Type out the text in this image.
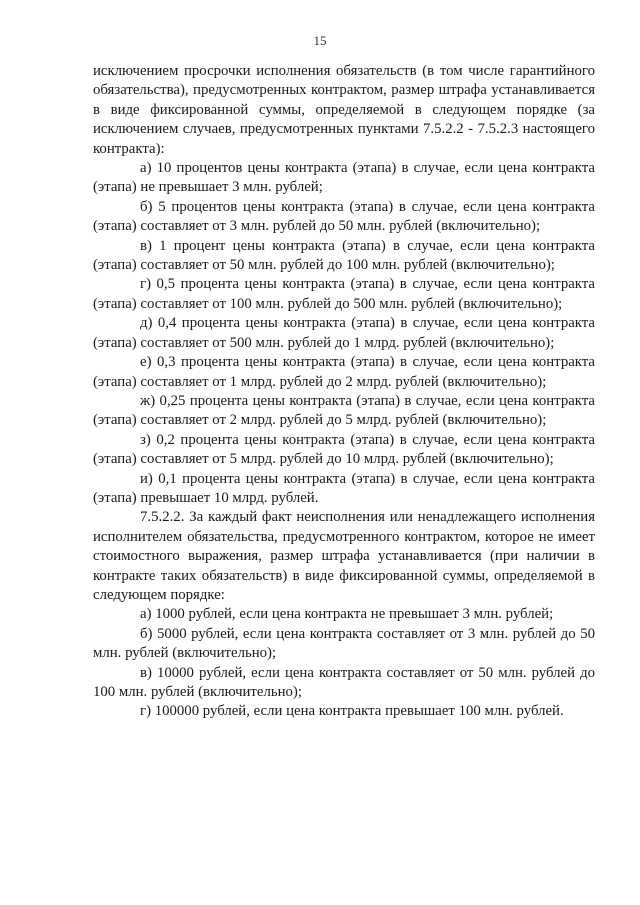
15

исключением просрочки исполнения обязательств (в том числе гарантийного обязательства), предусмотренных контрактом, размер штрафа устанавливается в виде фиксированной суммы, определяемой в следующем порядке (за исключением случаев, предусмотренных пунктами 7.5.2.2 - 7.5.2.3 настоящего контракта):

а) 10 процентов цены контракта (этапа) в случае, если цена контракта (этапа) не превышает 3 млн. рублей;

б) 5 процентов цены контракта (этапа) в случае, если цена контракта (этапа) составляет от 3 млн. рублей до 50 млн. рублей (включительно);

в) 1 процент цены контракта (этапа) в случае, если цена контракта (этапа) составляет от 50 млн. рублей до 100 млн. рублей (включительно);

г) 0,5 процента цены контракта (этапа) в случае, если цена контракта (этапа) составляет от 100 млн. рублей до 500 млн. рублей (включительно);

д) 0,4 процента цены контракта (этапа) в случае, если цена контракта (этапа) составляет от 500 млн. рублей до 1 млрд. рублей (включительно);

е) 0,3 процента цены контракта (этапа) в случае, если цена контракта (этапа) составляет от 1 млрд. рублей до 2 млрд. рублей (включительно);

ж) 0,25 процента цены контракта (этапа) в случае, если цена контракта (этапа) составляет от 2 млрд. рублей до 5 млрд. рублей (включительно);

з) 0,2 процента цены контракта (этапа) в случае, если цена контракта (этапа) составляет от 5 млрд. рублей до 10 млрд. рублей (включительно);

и) 0,1 процента цены контракта (этапа) в случае, если цена контракта (этапа) превышает 10 млрд. рублей.

7.5.2.2. За каждый факт неисполнения или ненадлежащего исполнения исполнителем обязательства, предусмотренного контрактом, которое не имеет стоимостного выражения, размер штрафа устанавливается (при наличии в контракте таких обязательств) в виде фиксированной суммы, определяемой в следующем порядке:

а) 1000 рублей, если цена контракта не превышает 3 млн. рублей;

б) 5000 рублей, если цена контракта составляет от 3 млн. рублей до 50 млн. рублей (включительно);

в) 10000 рублей, если цена контракта составляет от 50 млн. рублей до 100 млн. рублей (включительно);

г) 100000 рублей, если цена контракта превышает 100 млн. рублей.
